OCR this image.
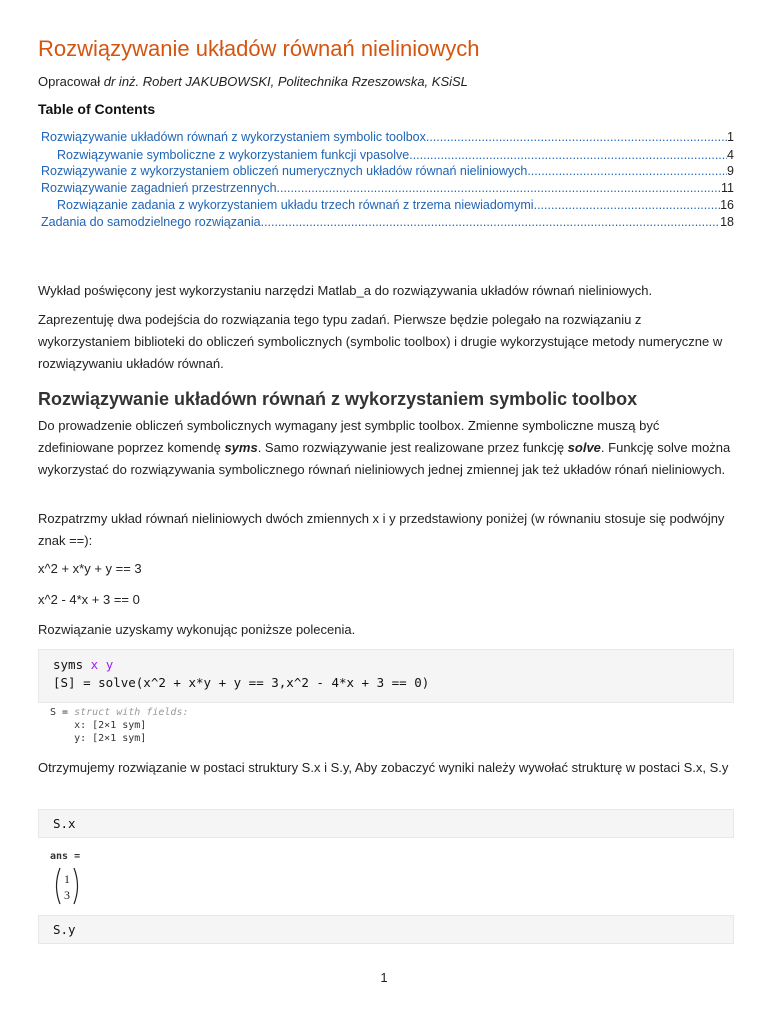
Rozwiązywanie układów równań nieliniowych
Opracował dr inż. Robert JAKUBOWSKI, Politechnika Rzeszowska, KSiSL
Table of Contents
Rozwiązywanie układówn równań z wykorzystaniem symbolic toolbox .....	1
Rozwiązywanie symboliczne z wykorzystaniem funkcji vpasolve .....	4
Rozwiązywanie z wykorzystaniem obliczeń numerycznych układów równań nieliniowych .....	9
Rozwiązywanie zagadnień przestrzennych .....	11
Rozwiązanie zadania z wykorzystaniem układu trzech równań z trzema niewiadomymi .....	16
Zadania do samodzielnego rozwiązania .....	18
Wykład poświęcony jest wykorzystaniu narzędzi Matlab_a do rozwiązywania układów równań nieliniowych.
Zaprezentuję dwa podejścia do rozwiązania tego typu zadań. Pierwsze będzie polegało na rozwiązaniu z wykorzystaniem biblioteki do obliczeń symbolicznych (symbolic toolbox) i drugie wykorzystujące metody numeryczne w rozwiązywaniu układów równań.
Rozwiązywanie układówn równań z wykorzystaniem symbolic toolbox
Do prowadzenie obliczeń symbolicznych wymagany jest symbplic toolbox. Zmienne symboliczne muszą być zdefiniowane poprzez komendę syms. Samo rozwiązywanie jest realizowane przez funkcję solve. Funkcję solve można wykorzystać do rozwiązywania symbolicznego równań nieliniowych jednej zmiennej jak też układów rónań nieliniowych.
Rozpatrzmy układ równań nieliniowych dwóch zmiennych x i y przedstawiony poniżej (w równaniu stosuje się podwójny znak ==):
x^2 + x*y + y == 3
x^2 - 4*x + 3 == 0
Rozwiązanie uzyskamy wykonując poniższe polecenia.
syms x y
[S] = solve(x^2 + x*y + y == 3,x^2 - 4*x + 3 == 0)
S = struct with fields:
x: [2×1 sym]
y: [2×1 sym]
Otrzymujemy rozwiązanie w postaci struktury S.x i S.y, Aby zobaczyć wyniki należy wywołać strukturę w postaci S.x, S.y
S.x
ans =
1
3
S.y
1
